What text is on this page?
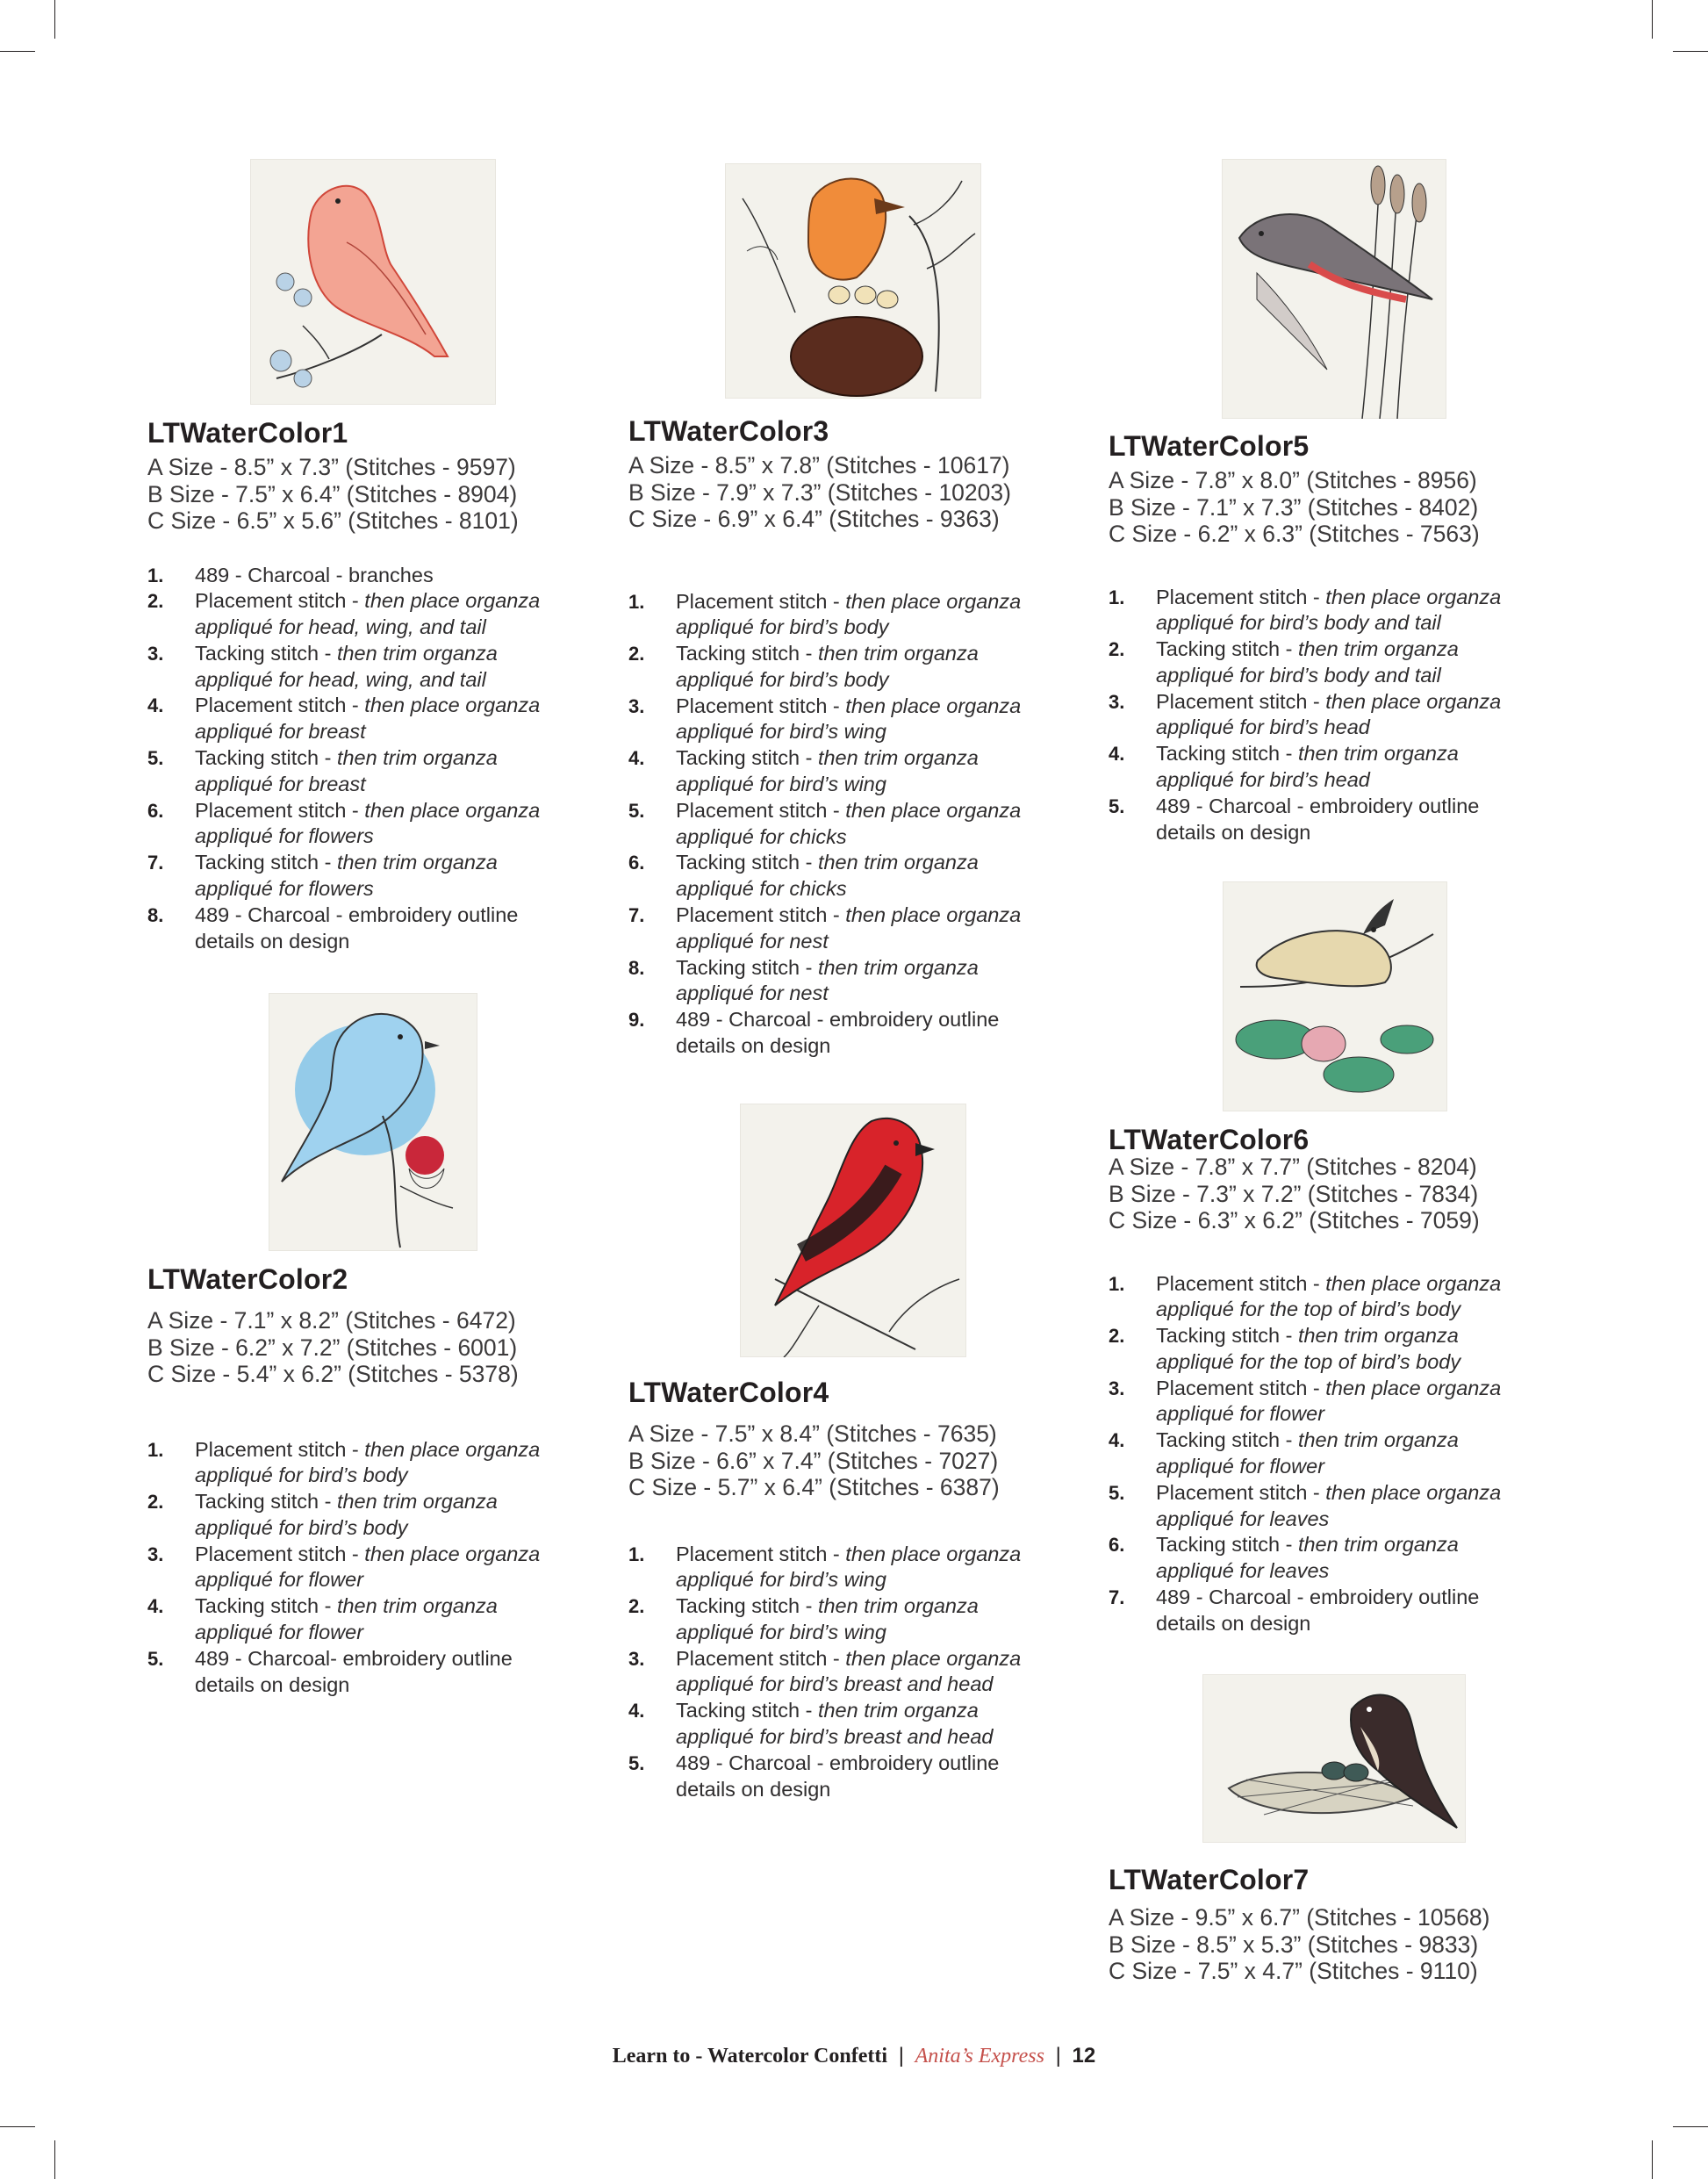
LTWaterColor1
A Size - 8.5” x 7.3” (Stitches - 9597)
B Size - 7.5” x 6.4” (Stitches - 8904)
C Size - 6.5” x 5.6” (Stitches - 8101)
1. 489 - Charcoal - branches
2. Placement stitch - then place organza
appliqué for head, wing, and tail
3. Tacking stitch - then trim organza
appliqué for head, wing, and tail
4. Placement stitch - then place organza
appliqué for breast
5. Tacking stitch - then trim organza
appliqué for breast
6. Placement stitch - then place organza
appliqué for flowers
7. Tacking stitch - then trim organza
appliqué for flowers
8. 489 - Charcoal - embroidery outline
details on design
LTWaterColor2
A Size - 7.1” x 8.2” (Stitches - 6472)
B Size - 6.2” x 7.2” (Stitches - 6001)
C Size - 5.4” x 6.2” (Stitches - 5378)
1. Placement stitch - then place organza
appliqué for bird’s body
2. Tacking stitch - then trim organza
appliqué for bird’s body
3. Placement stitch - then place organza
appliqué for flower
4. Tacking stitch - then trim organza
appliqué for flower
5. 489 - Charcoal- embroidery outline
details on design
LTWaterColor3
A Size - 8.5” x 7.8” (Stitches - 10617)
B Size - 7.9” x 7.3” (Stitches - 10203)
C Size - 6.9” x 6.4” (Stitches - 9363)
1. Placement stitch - then place organza
appliqué for bird’s body
2. Tacking stitch - then trim organza
appliqué for bird’s body
3. Placement stitch - then place organza
appliqué for bird’s wing
4. Tacking stitch - then trim organza
appliqué for bird’s wing
5. Placement stitch - then place organza
appliqué for chicks
6. Tacking stitch - then trim organza
appliqué for chicks
7. Placement stitch - then place organza
appliqué for nest
8. Tacking stitch - then trim organza
appliqué for nest
9. 489 - Charcoal - embroidery outline
details on design
LTWaterColor4
A Size - 7.5” x 8.4” (Stitches - 7635)
B Size - 6.6” x 7.4” (Stitches - 7027)
C Size - 5.7” x 6.4” (Stitches - 6387)
1. Placement stitch - then place organza
appliqué for bird’s wing
2. Tacking stitch - then trim organza
appliqué for bird’s wing
3. Placement stitch - then place organza
appliqué for bird’s breast and head
4. Tacking stitch - then trim organza
appliqué for bird’s breast and head
5. 489 - Charcoal - embroidery outline
details on design
LTWaterColor5
A Size - 7.8” x 8.0” (Stitches - 8956)
B Size - 7.1” x 7.3” (Stitches - 8402)
C Size - 6.2” x 6.3” (Stitches - 7563)
1. Placement stitch - then place organza
appliqué for bird’s body and tail
2. Tacking stitch - then trim organza
appliqué for bird’s body and tail
3. Placement stitch - then place organza
appliqué for bird’s head
4. Tacking stitch - then trim organza
appliqué for bird’s head
5. 489 - Charcoal - embroidery outline
details on design
LTWaterColor6
A Size - 7.8” x 7.7” (Stitches - 8204)
B Size - 7.3” x 7.2” (Stitches - 7834)
C Size - 6.3” x 6.2” (Stitches - 7059)
1. Placement stitch - then place organza
appliqué for the top of bird’s body
2. Tacking stitch - then trim organza
appliqué for the top of bird’s body
3. Placement stitch - then place organza
appliqué for flower
4. Tacking stitch - then trim organza
appliqué for flower
5. Placement stitch - then place organza
appliqué for leaves
6. Tacking stitch - then trim organza
appliqué for leaves
7. 489 - Charcoal - embroidery outline
details on design
LTWaterColor7
A Size - 9.5” x 6.7” (Stitches - 10568)
B Size - 8.5” x 5.3” (Stitches - 9833)
C Size - 7.5” x 4.7” (Stitches - 9110)
Learn to - Watercolor Confetti | Anita’s Express | 12
